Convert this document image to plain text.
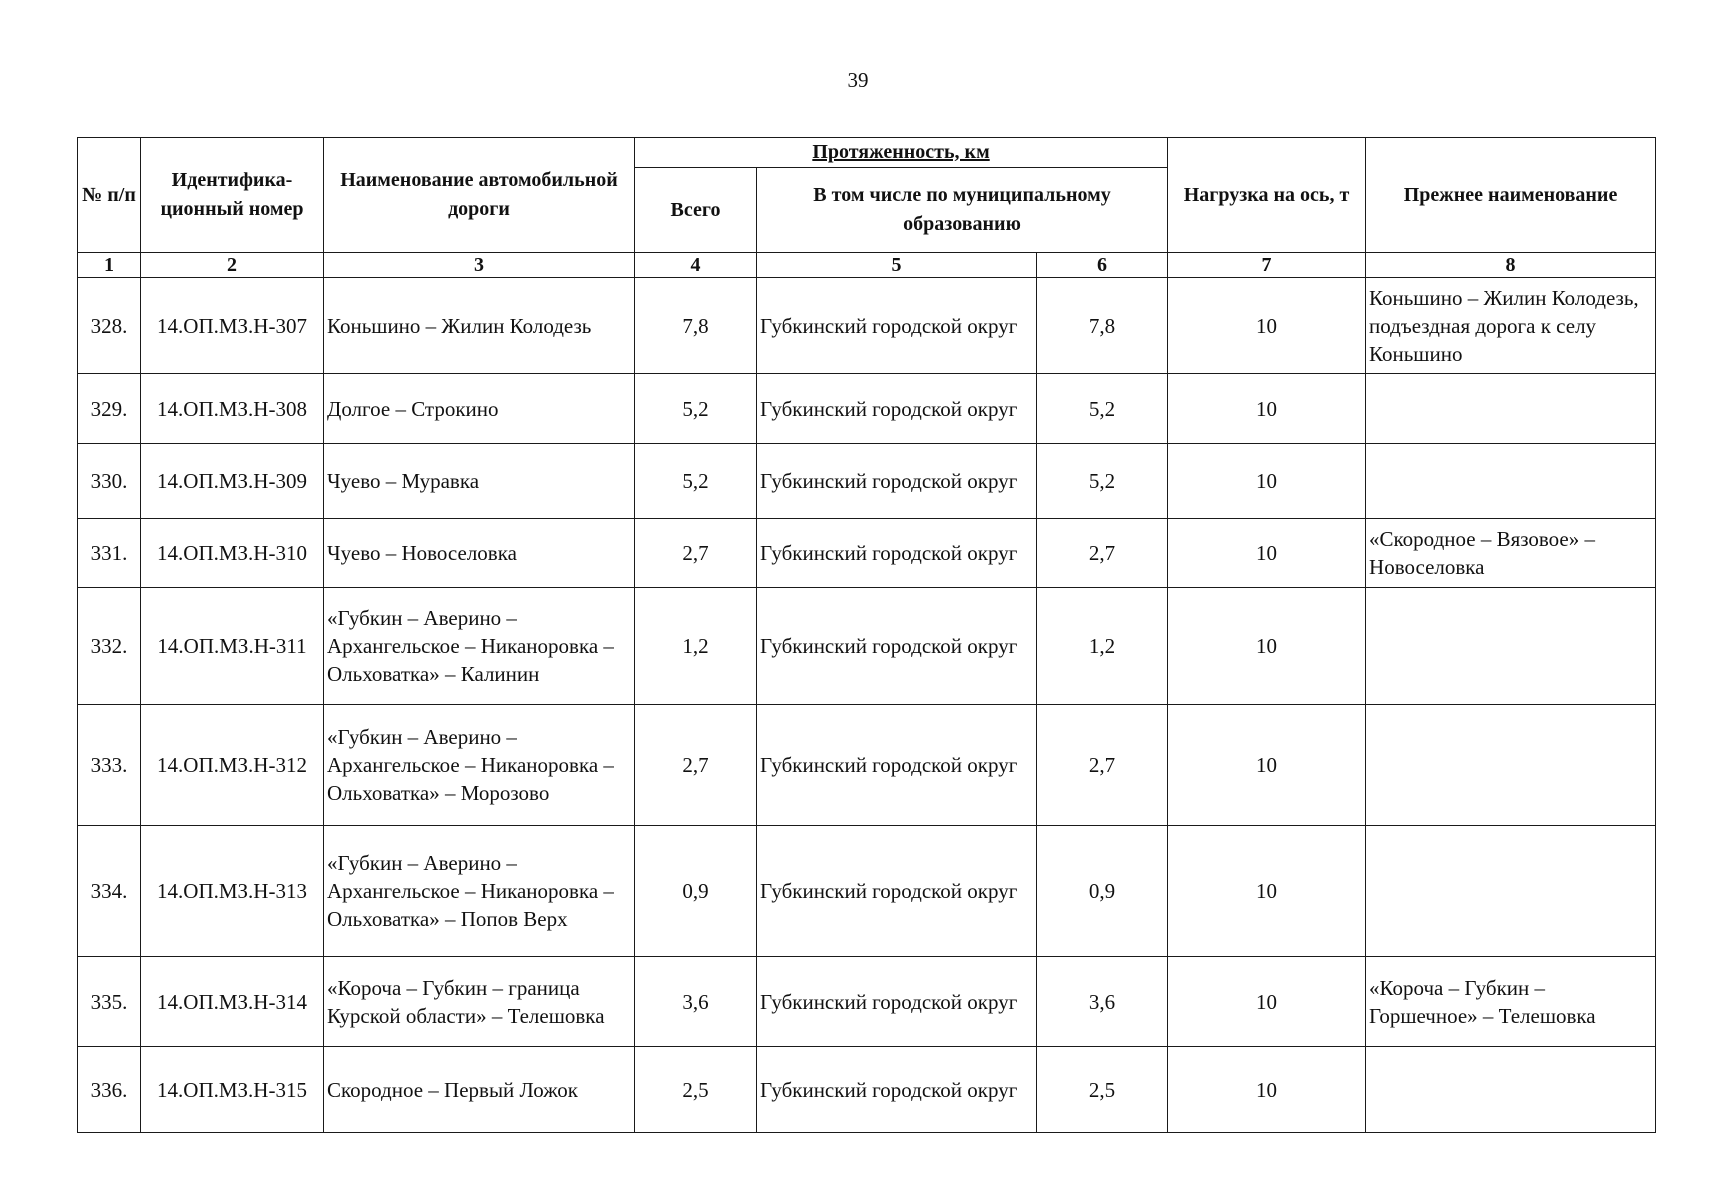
39
№ п/п	Идентифика-ционный номер	Наименование автомобильной дороги	Протяженность, км			Нагрузка на ось, т	Прежнее наименование
			Всего	В том числе по муниципальному образованию			
1	2	3	4	5	6	7	8
328.	14.ОП.МЗ.Н-307	Коньшино – Жилин Колодезь	7,8	Губкинский городской округ	7,8	10	Коньшино – Жилин Колодезь, подъездная дорога к селу Коньшино
329.	14.ОП.МЗ.Н-308	Долгое – Строкино	5,2	Губкинский городской округ	5,2	10	
330.	14.ОП.МЗ.Н-309	Чуево – Муравка	5,2	Губкинский городской округ	5,2	10	
331.	14.ОП.МЗ.Н-310	Чуево – Новоселовка	2,7	Губкинский городской округ	2,7	10	«Скородное – Вязовое» – Новоселовка
332.	14.ОП.МЗ.Н-311	«Губкин – Аверино – Архангельское – Никаноровка – Ольховатка» – Калинин	1,2	Губкинский городской округ	1,2	10	
333.	14.ОП.МЗ.Н-312	«Губкин – Аверино – Архангельское – Никаноровка – Ольховатка» – Морозово	2,7	Губкинский городской округ	2,7	10	
334.	14.ОП.МЗ.Н-313	«Губкин – Аверино – Архангельское – Никаноровка – Ольховатка» – Попов Верх	0,9	Губкинский городской округ	0,9	10	
335.	14.ОП.МЗ.Н-314	«Короча – Губкин – граница Курской области» – Телешовка	3,6	Губкинский городской округ	3,6	10	«Короча – Губкин – Горшечное» – Телешовка
336.	14.ОП.МЗ.Н-315	Скородное – Первый Ложок	2,5	Губкинский городской округ	2,5	10	
